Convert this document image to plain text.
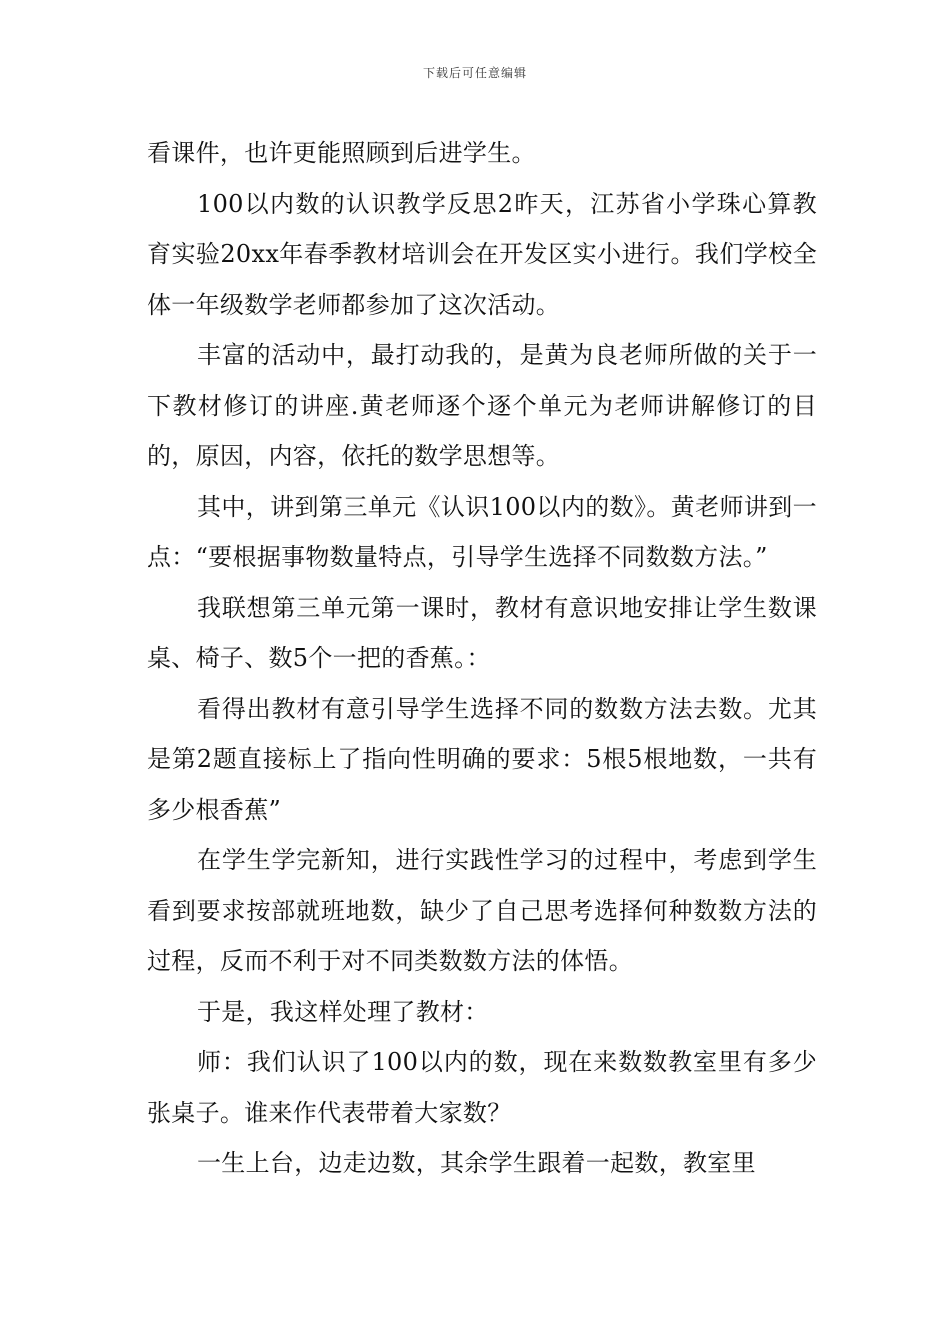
下载后可任意编辑

看课件，也许更能照顾到后进学生。

100以内数的认识教学反思2昨天，江苏省小学珠心算教育实验20xx年春季教材培训会在开发区实小进行。我们学校全体一年级数学老师都参加了这次活动。

丰富的活动中，最打动我的，是黄为良老师所做的关于一下教材修订的讲座.黄老师逐个逐个单元为老师讲解修订的目的，原因，内容，依托的数学思想等。

其中，讲到第三单元《认识100以内的数》。黄老师讲到一点：“要根据事物数量特点，引导学生选择不同数数方法。”

我联想第三单元第一课时，教材有意识地安排让学生数课桌、椅子、数5个一把的香蕉。：

看得出教材有意引导学生选择不同的数数方法去数。尤其是第2题直接标上了指向性明确的要求：5根5根地数，一共有多少根香蕉”

在学生学完新知，进行实践性学习的过程中，考虑到学生看到要求按部就班地数，缺少了自己思考选择何种数数方法的过程，反而不利于对不同类数数方法的体悟。

于是，我这样处理了教材：

师：我们认识了100以内的数，现在来数数教室里有多少张桌子。谁来作代表带着大家数？

一生上台，边走边数，其余学生跟着一起数，教室里
